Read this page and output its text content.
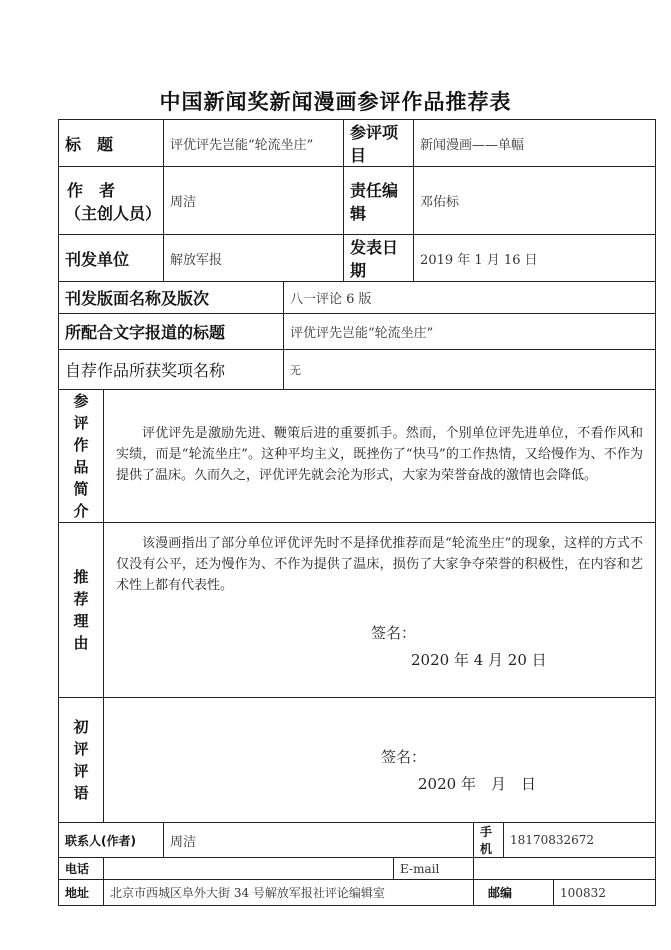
中国新闻奖新闻漫画参评作品推荐表
标　题		评优评先岂能“轮流坐庄”		参评项目		新闻漫画——单幅			

作　者
（主创人员）		周洁		责任编辑		邓佑标			
刊发单位		解放军报		发表日期		2019 年 1 月 16 日			
刊发版面名称及版次			八一评论 6 版						
所配合文字报道的标题			评优评先岂能“轮流坐庄”						
自荐作品所获奖项名称			无						
参评作品简介	评优评先是激励先进、鞭策后进的重要抓手。然而，个别单位评先进单位，不看作风和实绩，而是“轮流坐庄”。这种平均主义，既挫伤了“快马”的工作热情，又给慢作为、不作为提供了温床。久而久之，评优评先就会沦为形式，大家为荣誉奋战的激情也会降低。								

推荐理由	该漫画指出了部分单位评优评先时不是择优推荐而是“轮流坐庄”的现象，这样的方式不仅没有公平，还为慢作为、不作为提供了温床，损伤了大家争夺荣誉的积极性，在内容和艺术性上都有代表性。
签名：
2020 年 4 月 20 日								

初评评语	签名：
2020 年　月　日								

联系人(作者)		周洁					手机	18170832672	
电话					E-mail				
地址	北京市西城区阜外大街 34 号解放军报社评论编辑室						邮编		100832
